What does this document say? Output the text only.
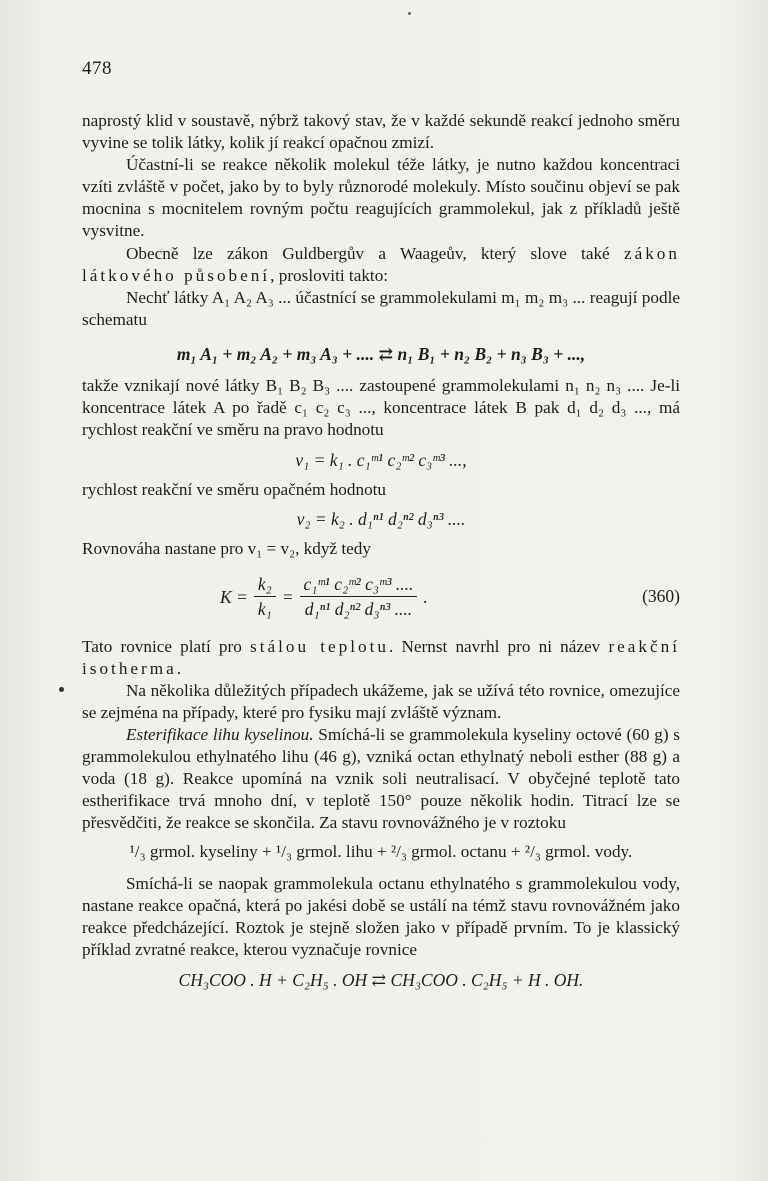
478

naprostý klid v soustavě, nýbrž takový stav, že v každé sekundě reakcí jednoho směru vyvine se tolik látky, kolik jí reakcí opačnou zmizí.

Účastní-li se reakce několik molekul téže látky, je nutno každou koncentraci vzíti zvláště v počet, jako by to byly různorodé molekuly. Místo součinu objeví se pak mocnina s mocnitelem rovným počtu reagujících grammolekul, jak z příkladů ještě vysvitne.

Obecně lze zákon Guldbergův a Waageův, který slove také zákon látkového působení, prosloviti takto:

Nechť látky A₁ A₂ A₃ ... účastnící se grammolekulami m₁ m₂ m₃ ... reagují podle schematu

m₁ A₁ + m₂ A₂ + m₃ A₃ + .... ⇄ n₁ B₁ + n₂ B₂ + n₃ B₃ + ...,

takže vznikají nové látky B₁ B₂ B₃ .... zastoupené grammolekulami n₁ n₂ n₃ .... Je-li koncentrace látek A po řadě c₁ c₂ c₃ ..., koncentrace látek B pak d₁ d₂ d₃ ..., má rychlost reakční ve směru na pravo hodnotu

v₁ = k₁ . c₁ᵐ¹ c₂ᵐ² c₃ᵐ³ ...,

rychlost reakční ve směru opačném hodnotu

v₂ = k₂ . d₁ⁿ¹ d₂ⁿ² d₃ⁿ³ ....

Rovnováha nastane pro v₁ = v₂, když tedy

$K = \frac{\text{k₂}}{\text{k₁}} = \frac{\text{c₁ᵐ¹ c₂ᵐ² c₃ᵐ³ ....}}{\text{d₁ⁿ¹ d₂ⁿ² d₃ⁿ³ ....}}$ .	(360)

Tato rovnice platí pro stálou teplotu. Nernst navrhl pro ni název reakční isotherma.

Na několika důležitých případech ukážeme, jak se užívá této rovnice, omezujíce se zejména na případy, které pro fysiku mají zvláště význam.

Esterifikace lihu kyselinou. Smíchá-li se grammolekula kyseliny octové (60 g) s grammolekulou ethylnatého lihu (46 g), vzniká octan ethylnatý neboli esther (88 g) a voda (18 g). Reakce upomíná na vznik soli neutralisací. V obyčejné teplotě tato estherifikace trvá mnoho dní, v teplotě 150° pouze několik hodin. Titrací lze se přesvědčiti, že reakce se skončila. Za stavu rovnovážného je v roztoku

¹/₃ grmol. kyseliny + ¹/₃ grmol. lihu + ²/₃ grmol. octanu + ²/₃ grmol. vody.

Smíchá-li se naopak grammolekula octanu ethylnatého s grammolekulou vody, nastane reakce opačná, která po jakési době se ustálí na témž stavu rovnovážném jako reakce předcházející. Roztok je stejně složen jako v případě prvním. To je klassický příklad zvratné reakce, kterou vyznačuje rovnice

CH₃COO . H + C₂H₅ . OH ⇄ CH₃COO . C₂H₅ + H . OH.
